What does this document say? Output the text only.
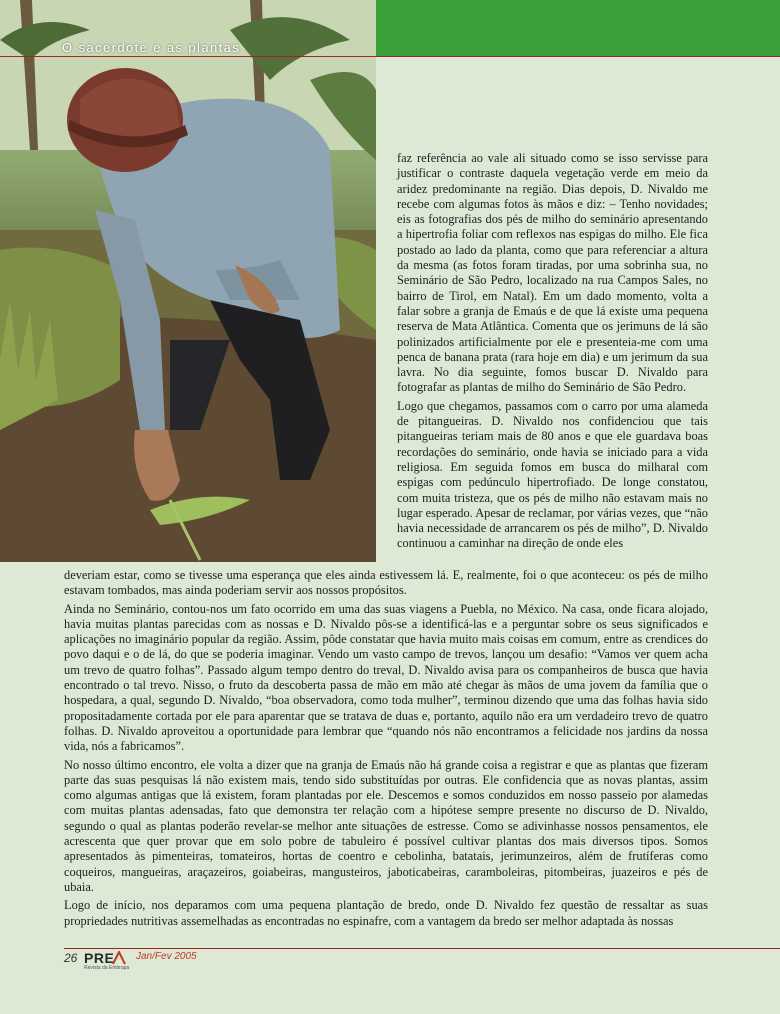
O sacerdote e as plantas

faz referência ao vale ali situado como se isso servisse para justificar o contraste daquela vegetação verde em meio da aridez predominante na região. Dias depois, D. Nivaldo me recebe com algumas fotos às mãos e diz: – Tenho novidades; eis as fotografias dos pés de milho do seminário apresentando a hipertrofia foliar com reflexos nas espigas do milho. Ele fica postado ao lado da planta, como que para referenciar a altura da mesma (as fotos foram tiradas, por uma sobrinha sua, no Seminário de São Pedro, localizado na rua Campos Sales, no bairro de Tirol, em Natal). Em um dado momento, volta a falar sobre a granja de Emaús e de que lá existe uma pequena reserva de Mata Atlântica. Comenta que os jerimuns de lá são polinizados artificialmente por ele e presenteia-me com uma penca de banana prata (rara hoje em dia) e um jerimum da sua lavra. No dia seguinte, fomos buscar D. Nivaldo para fotografar as plantas de milho do Seminário de São Pedro.

Logo que chegamos, passamos com o carro por uma alameda de pitangueiras. D. Nivaldo nos confidenciou que tais pitangueiras teriam mais de 80 anos e que ele guardava boas recordações do seminário, onde havia se iniciado para a vida religiosa. Em seguida fomos em busca do milharal com espigas com pedúnculo hipertrofiado. De longe constatou, com muita tristeza, que os pés de milho não estavam mais no lugar esperado. Apesar de reclamar, por várias vezes, que “não havia necessidade de arrancarem os pés de milho”, D. Nivaldo continuou a caminhar na direção de onde eles

deveriam estar, como se tivesse uma esperança que eles ainda estivessem lá. E, realmente, foi o que aconteceu: os pés de milho estavam tombados, mas ainda poderiam servir aos nossos propósitos.

Ainda no Seminário, contou-nos um fato ocorrido em uma das suas viagens a Puebla, no México. Na casa, onde ficara alojado, havia muitas plantas parecidas com as nossas e D. Nivaldo pôs-se a identificá-las e a perguntar sobre os seus significados e aplicações no imaginário popular da região. Assim, pôde constatar que havia muito mais coisas em comum, entre as crendices do povo daqui e o de lá, do que se poderia imaginar. Vendo um vasto campo de trevos, lançou um desafio: “Vamos ver quem acha um trevo de quatro folhas”. Passado algum tempo dentro do treval, D. Nivaldo avisa para os companheiros de busca que havia encontrado o tal trevo. Nisso, o fruto da descoberta passa de mão em mão até chegar às mãos de uma jovem da família que o hospedara, a qual, segundo D. Nivaldo, “boa observadora, como toda mulher”, terminou dizendo que uma das folhas havia sido propositadamente cortada por ele para aparentar que se tratava de duas e, portanto, aquilo não era um verdadeiro trevo de quatro folhas. D. Nivaldo aproveitou a oportunidade para lembrar que “quando nós não encontramos a felicidade nos jardins da nossa vida, nós a fabricamos”.

No nosso último encontro, ele volta a dizer que na granja de Emaús não há grande coisa a registrar e que as plantas que fizeram parte das suas pesquisas lá não existem mais, tendo sido substituídas por outras. Ele confidencia que as novas plantas, assim como algumas antigas que lá existem, foram plantadas por ele. Descemos e somos conduzidos em nosso passeio por alamedas com muitas plantas adensadas, fato que demonstra ter relação com a hipótese sempre presente no discurso de D. Nivaldo, segundo o qual as plantas poderão revelar-se melhor ante situações de estresse. Como se adivinhasse nossos pensamentos, ele acrescenta que quer provar que em solo pobre de tabuleiro é possível cultivar plantas dos mais diversos tipos. Somos apresentados às pimenteiras, tomateiros, hortas de coentro e cebolinha, batatais, jerimunzeiros, além de frutíferas como coqueiros, mangueiras, araçazeiros, goiabeiras, mangusteiros, jaboticabeiras, caramboleiras, pitombeiras, juazeiros e pés de ubaia.

Logo de início, nos deparamos com uma pequena plantação de bredo, onde D. Nivaldo fez questão de ressaltar as suas propriedades nutritivas assemelhadas as encontradas no espinafre, com a vantagem da bredo ser melhor adaptada às nossas

26 PRE
Revista da Embrapa
Jan/Fev 2005
